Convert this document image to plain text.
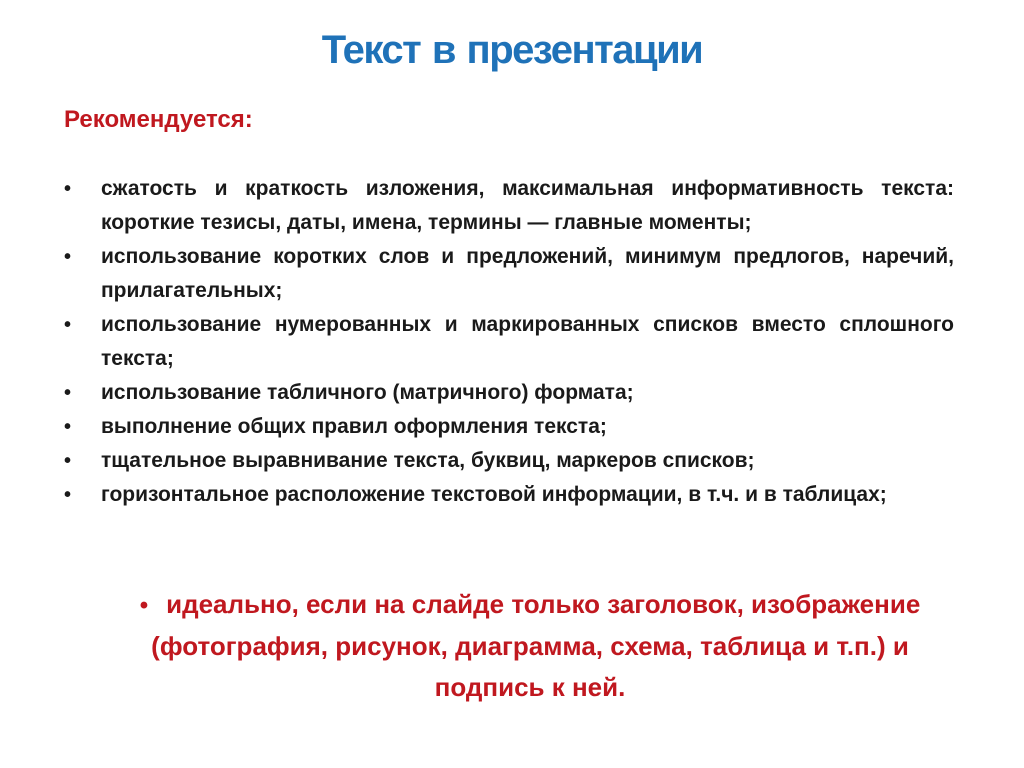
Текст в презентации
Рекомендуется:
• сжатость и краткость изложения, максимальная информативность текста: короткие тезисы, даты, имена, термины — главные моменты;
• использование коротких слов и предложений, минимум предлогов, наречий, прилагательных;
• использование нумерованных и маркированных списков вместо сплошного текста;
• использование табличного (матричного) формата;
• выполнение общих правил оформления текста;
• тщательное выравнивание текста, буквиц, маркеров списков;
• горизонтальное расположение текстовой информации, в т.ч. и в таблицах;
• идеально, если на слайде только заголовок, изображение (фотография, рисунок, диаграмма, схема, таблица и т.п.) и подпись к ней.
